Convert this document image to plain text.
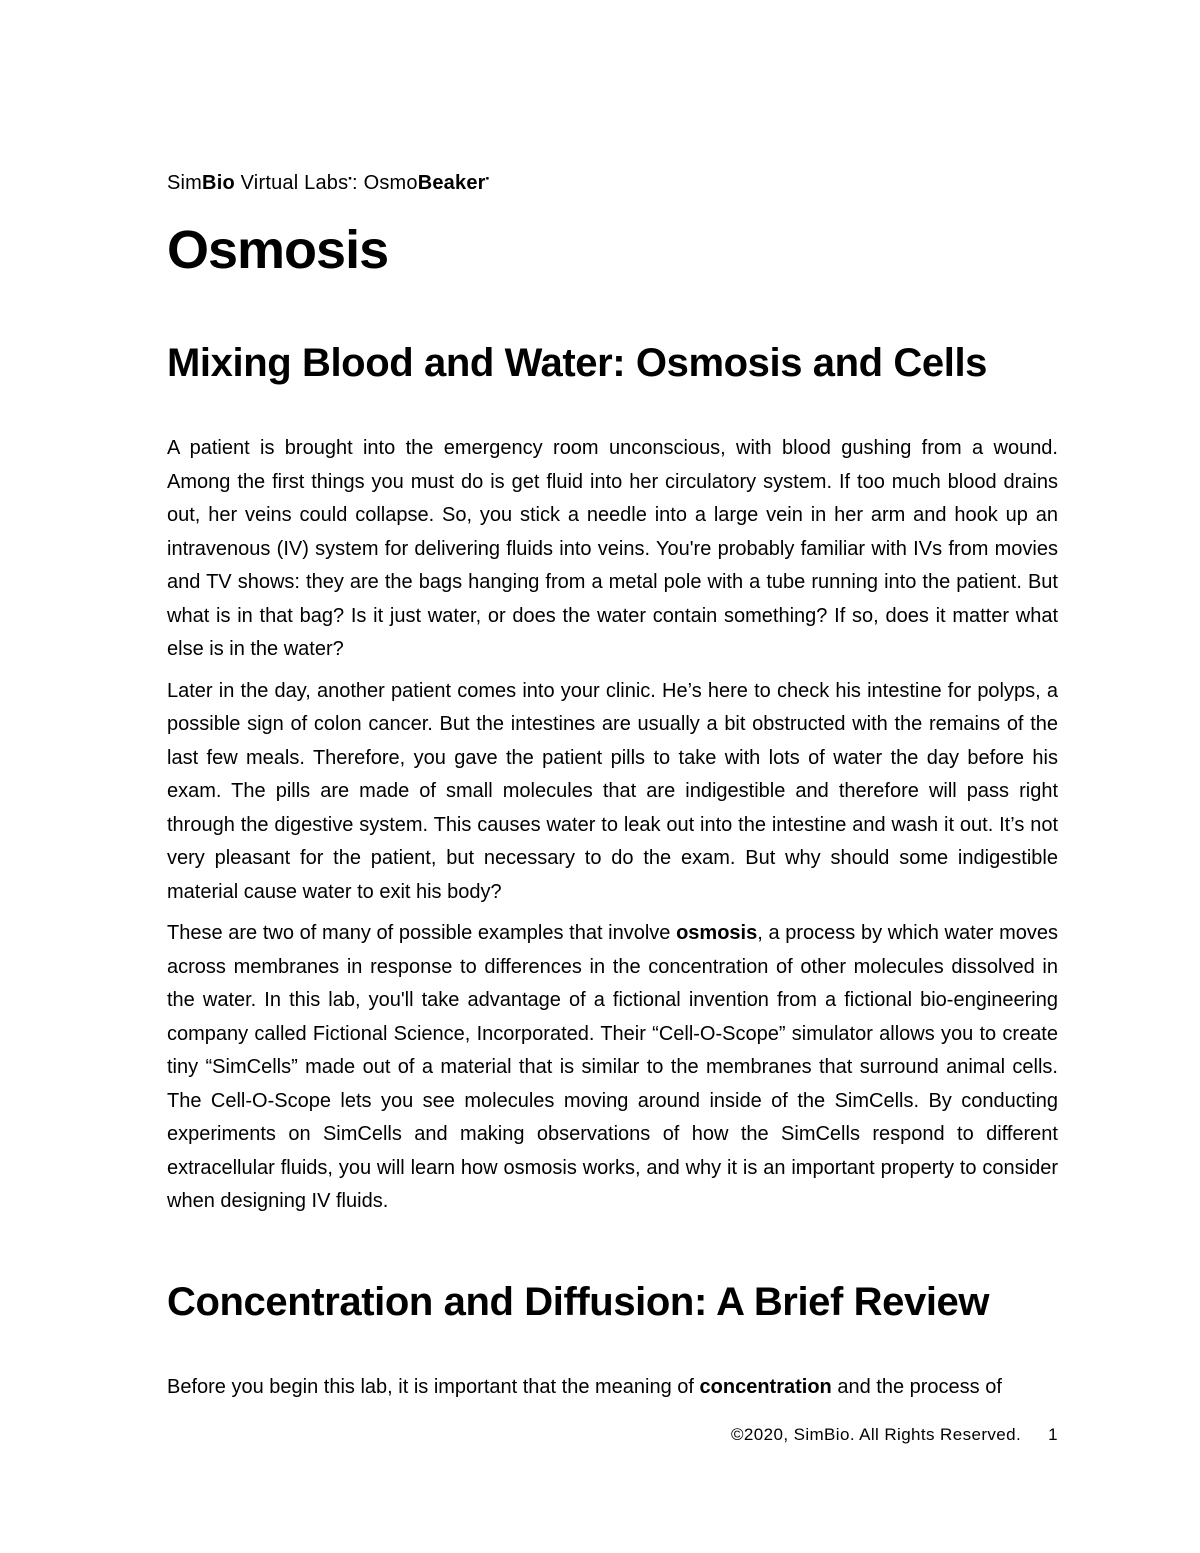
SimBio Virtual Labs▪: OsmoBeaker▪
Osmosis
Mixing Blood and Water: Osmosis and Cells

A patient is brought into the emergency room unconscious, with blood gushing from a wound. Among the first things you must do is get fluid into her circulatory system. If too much blood drains out, her veins could collapse. So, you stick a needle into a large vein in her arm and hook up an intravenous (IV) system for delivering fluids into veins. You're probably familiar with IVs from movies and TV shows: they are the bags hanging from a metal pole with a tube running into the patient. But what is in that bag? Is it just water, or does the water contain something? If so, does it matter what else is in the water?

Later in the day, another patient comes into your clinic. He’s here to check his intestine for polyps, a possible sign of colon cancer. But the intestines are usually a bit obstructed with the remains of the last few meals. Therefore, you gave the patient pills to take with lots of water the day before his exam. The pills are made of small molecules that are indigestible and therefore will pass right through the digestive system. This causes water to leak out into the intestine and wash it out. It’s not very pleasant for the patient, but necessary to do the exam. But why should some indigestible material cause water to exit his body?

These are two of many of possible examples that involve osmosis, a process by which water moves across membranes in response to differences in the concentration of other molecules dissolved in the water. In this lab, you'll take advantage of a fictional invention from a fictional bio-engineering company called Fictional Science, Incorporated. Their “Cell-O-Scope” simulator allows you to create tiny “SimCells” made out of a material that is similar to the membranes that surround animal cells. The Cell-O-Scope lets you see molecules moving around inside of the SimCells. By conducting experiments on SimCells and making observations of how the SimCells respond to different extracellular fluids, you will learn how osmosis works, and why it is an important property to consider when designing IV fluids.

Concentration and Diffusion: A Brief Review

Before you begin this lab, it is important that the meaning of concentration and the process of

©2020, SimBio. All Rights Reserved. 1
